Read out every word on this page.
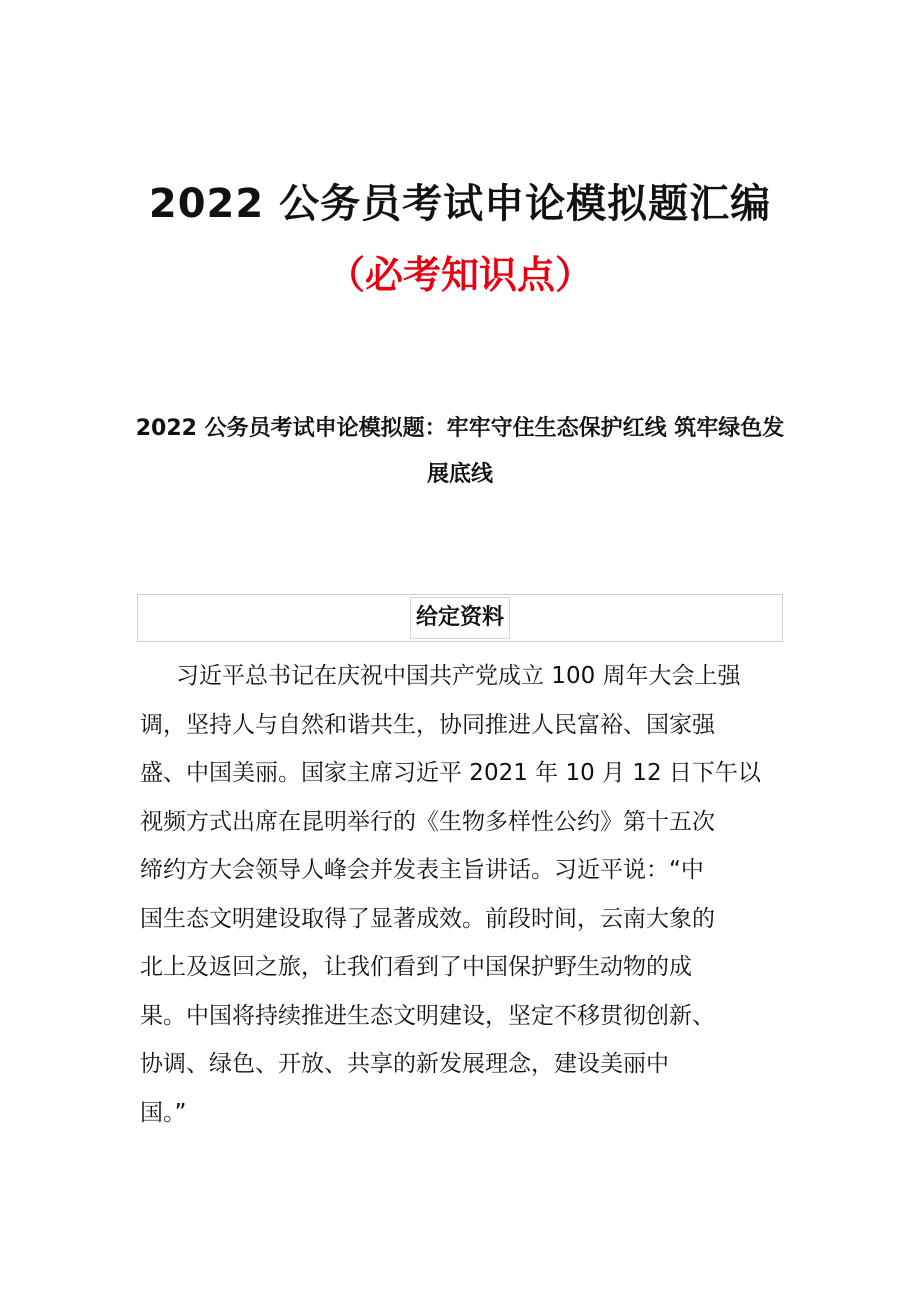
2022 公务员考试申论模拟题汇编
（必考知识点）
2022 公务员考试申论模拟题：牢牢守住生态保护红线 筑牢绿色发展底线
给定资料
习近平总书记在庆祝中国共产党成立 100 周年大会上强
调，坚持人与自然和谐共生，协同推进人民富裕、国家强
盛、中国美丽。国家主席习近平 2021 年 10 月 12 日下午以
视频方式出席在昆明举行的《生物多样性公约》第十五次
缔约方大会领导人峰会并发表主旨讲话。习近平说：“中
国生态文明建设取得了显著成效。前段时间，云南大象的
北上及返回之旅，让我们看到了中国保护野生动物的成
果。中国将持续推进生态文明建设，坚定不移贯彻创新、
协调、绿色、开放、共享的新发展理念，建设美丽中
国。”
